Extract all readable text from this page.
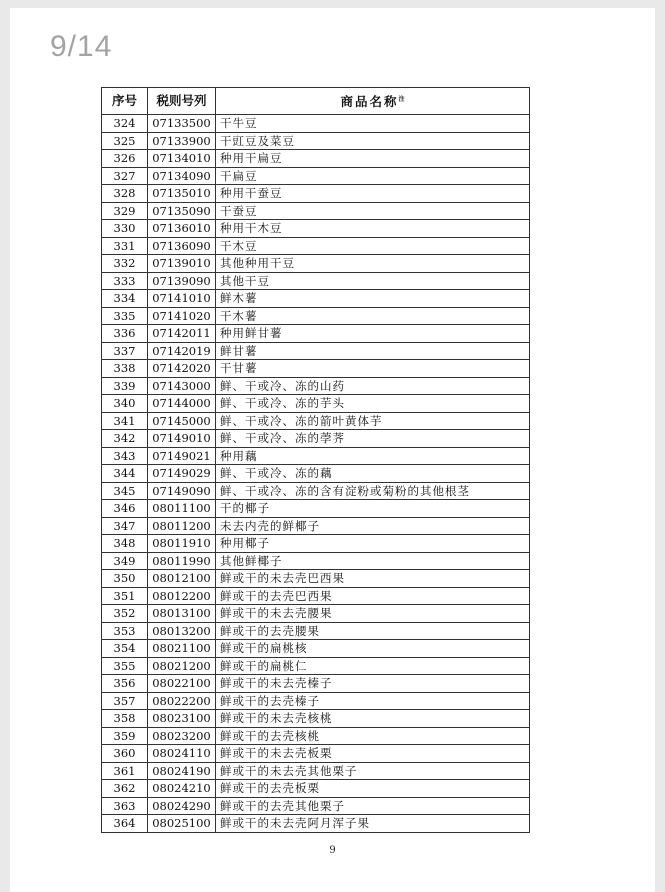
9/14
序号	税则号列	商品名称$^注$
324	07133500	干牛豆
325	07133900	干豇豆及菜豆
326	07134010	种用干扁豆
327	07134090	干扁豆
328	07135010	种用干蚕豆
329	07135090	干蚕豆
330	07136010	种用干木豆
331	07136090	干木豆
332	07139010	其他种用干豆
333	07139090	其他干豆
334	07141010	鲜木薯
335	07141020	干木薯
336	07142011	种用鲜甘薯
337	07142019	鲜甘薯
338	07142020	干甘薯
339	07143000	鲜、干或冷、冻的山药
340	07144000	鲜、干或冷、冻的芋头
341	07145000	鲜、干或冷、冻的箭叶黄体芋
342	07149010	鲜、干或冷、冻的荸荠
343	07149021	种用藕
344	07149029	鲜、干或冷、冻的藕
345	07149090	鲜、干或冷、冻的含有淀粉或菊粉的其他根茎
346	08011100	干的椰子
347	08011200	未去内壳的鲜椰子
348	08011910	种用椰子
349	08011990	其他鲜椰子
350	08012100	鲜或干的未去壳巴西果
351	08012200	鲜或干的去壳巴西果
352	08013100	鲜或干的未去壳腰果
353	08013200	鲜或干的去壳腰果
354	08021100	鲜或干的扁桃核
355	08021200	鲜或干的扁桃仁
356	08022100	鲜或干的未去壳榛子
357	08022200	鲜或干的去壳榛子
358	08023100	鲜或干的未去壳核桃
359	08023200	鲜或干的去壳核桃
360	08024110	鲜或干的未去壳板栗
361	08024190	鲜或干的未去壳其他栗子
362	08024210	鲜或干的去壳板栗
363	08024290	鲜或干的去壳其他栗子
364	08025100	鲜或干的未去壳阿月浑子果
9
